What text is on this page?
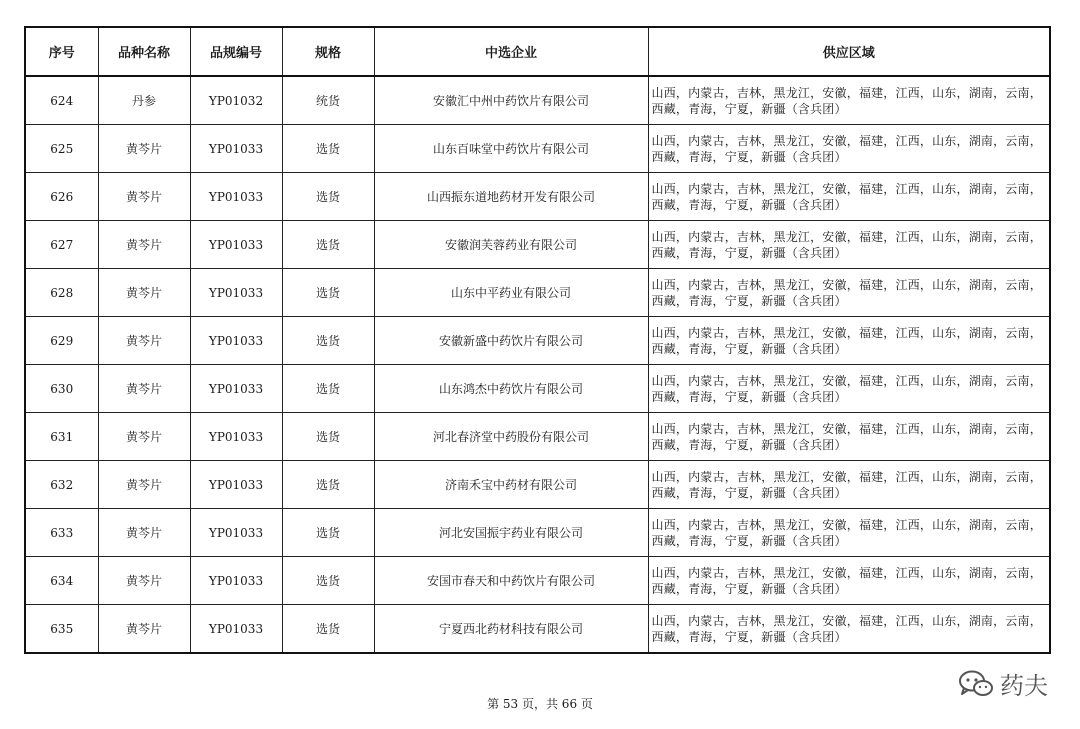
序号	品种名称	品规编号	规格	中选企业	供应区域
624	丹参	YP01032	统货	安徽汇中州中药饮片有限公司	山西，内蒙古，吉林，黑龙江，安徽，福建，江西，山东，湖南，云南，西藏，青海，宁夏，新疆（含兵团）
625	黄芩片	YP01033	选货	山东百味堂中药饮片有限公司	山西，内蒙古，吉林，黑龙江，安徽，福建，江西，山东，湖南，云南，西藏，青海，宁夏，新疆（含兵团）
626	黄芩片	YP01033	选货	山西振东道地药材开发有限公司	山西，内蒙古，吉林，黑龙江，安徽，福建，江西，山东，湖南，云南，西藏，青海，宁夏，新疆（含兵团）
627	黄芩片	YP01033	选货	安徽润芙蓉药业有限公司	山西，内蒙古，吉林，黑龙江，安徽，福建，江西，山东，湖南，云南，西藏，青海，宁夏，新疆（含兵团）
628	黄芩片	YP01033	选货	山东中平药业有限公司	山西，内蒙古，吉林，黑龙江，安徽，福建，江西，山东，湖南，云南，西藏，青海，宁夏，新疆（含兵团）
629	黄芩片	YP01033	选货	安徽新盛中药饮片有限公司	山西，内蒙古，吉林，黑龙江，安徽，福建，江西，山东，湖南，云南，西藏，青海，宁夏，新疆（含兵团）
630	黄芩片	YP01033	选货	山东鸿杰中药饮片有限公司	山西，内蒙古，吉林，黑龙江，安徽，福建，江西，山东，湖南，云南，西藏，青海，宁夏，新疆（含兵团）
631	黄芩片	YP01033	选货	河北春济堂中药股份有限公司	山西，内蒙古，吉林，黑龙江，安徽，福建，江西，山东，湖南，云南，西藏，青海，宁夏，新疆（含兵团）
632	黄芩片	YP01033	选货	济南禾宝中药材有限公司	山西，内蒙古，吉林，黑龙江，安徽，福建，江西，山东，湖南，云南，西藏，青海，宁夏，新疆（含兵团）
633	黄芩片	YP01033	选货	河北安国振宇药业有限公司	山西，内蒙古，吉林，黑龙江，安徽，福建，江西，山东，湖南，云南，西藏，青海，宁夏，新疆（含兵团）
634	黄芩片	YP01033	选货	安国市春天和中药饮片有限公司	山西，内蒙古，吉林，黑龙江，安徽，福建，江西，山东，湖南，云南，西藏，青海，宁夏，新疆（含兵团）
635	黄芩片	YP01033	选货	宁夏西北药材科技有限公司	山西，内蒙古，吉林，黑龙江，安徽，福建，江西，山东，湖南，云南，西藏，青海，宁夏，新疆（含兵团）
第 53 页，共 66 页
药夫
